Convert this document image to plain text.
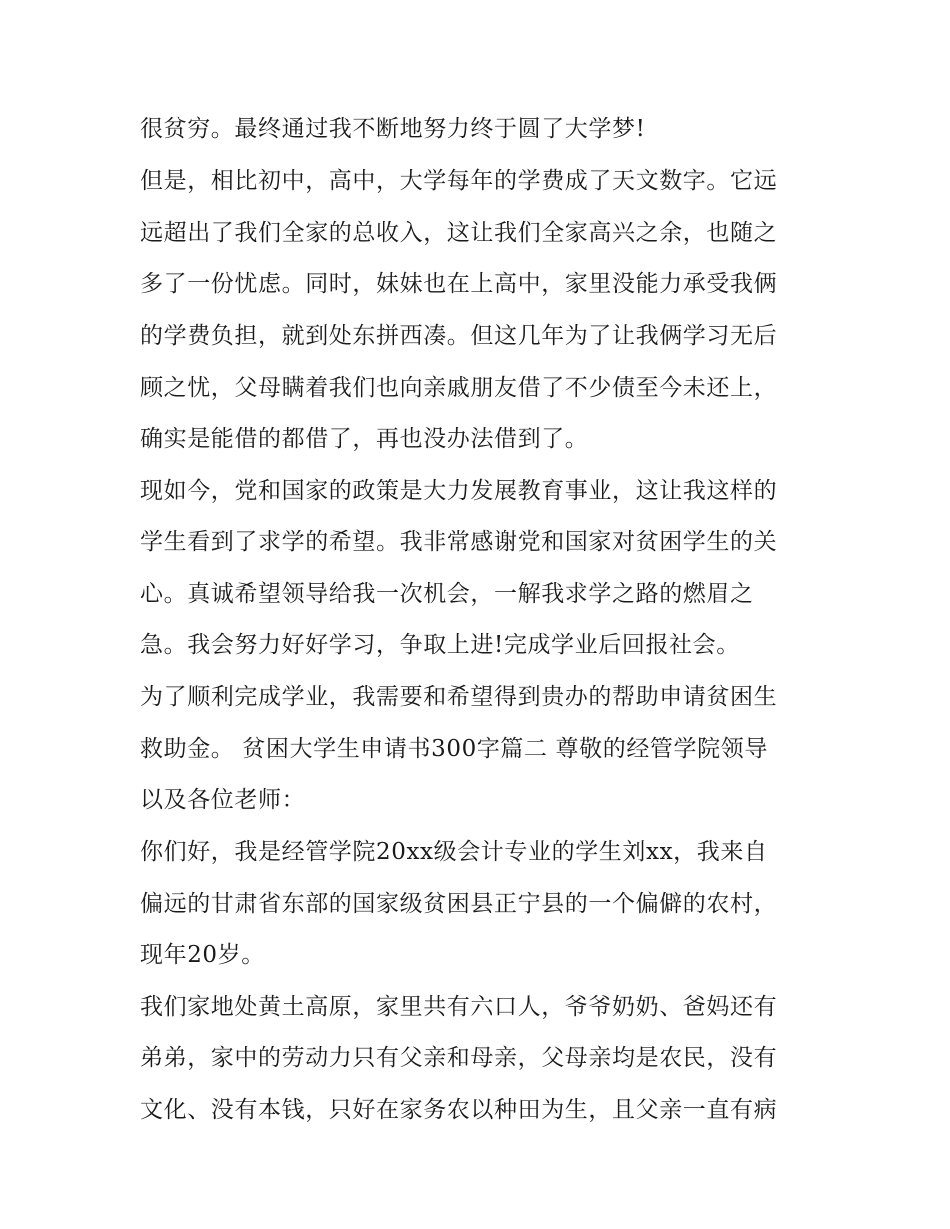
很贫穷。最终通过我不断地努力终于圆了大学梦!
但是，相比初中，高中，大学每年的学费成了天文数字。它远
远超出了我们全家的总收入，这让我们全家高兴之余，也随之
多了一份忧虑。同时，妹妹也在上高中，家里没能力承受我俩
的学费负担，就到处东拼西凑。但这几年为了让我俩学习无后
顾之忧，父母瞒着我们也向亲戚朋友借了不少债至今未还上，
确实是能借的都借了，再也没办法借到了。
现如今，党和国家的政策是大力发展教育事业，这让我这样的
学生看到了求学的希望。我非常感谢党和国家对贫困学生的关
心。真诚希望领导给我一次机会，一解我求学之路的燃眉之
急。我会努力好好学习，争取上进!完成学业后回报社会。
为了顺利完成学业，我需要和希望得到贵办的帮助申请贫困生
救助金。 贫困大学生申请书300字篇二 尊敬的经管学院领导
以及各位老师：
你们好，我是经管学院20xx级会计专业的学生刘xx，我来自
偏远的甘肃省东部的国家级贫困县正宁县的一个偏僻的农村，
现年20岁。
我们家地处黄土高原，家里共有六口人，爷爷奶奶、爸妈还有
弟弟，家中的劳动力只有父亲和母亲，父母亲均是农民，没有
文化、没有本钱，只好在家务农以种田为生，且父亲一直有病
